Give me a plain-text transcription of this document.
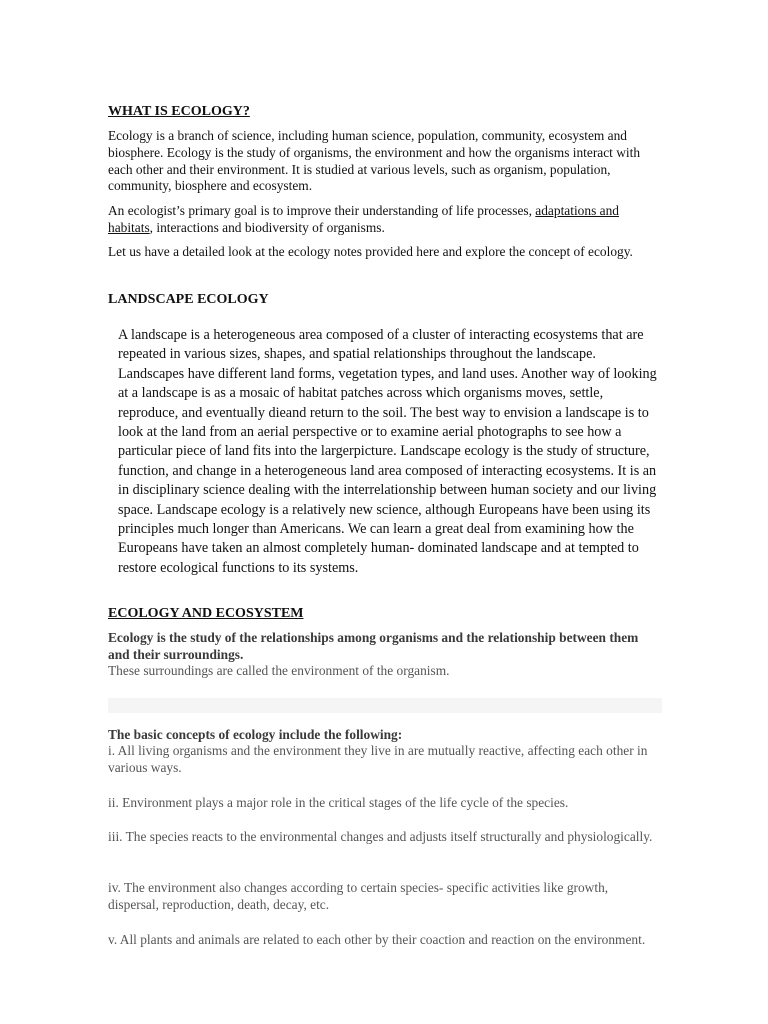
WHAT IS ECOLOGY?

Ecology is a branch of science, including human science, population, community, ecosystem and biosphere. Ecology is the study of organisms, the environment and how the organisms interact with each other and their environment. It is studied at various levels, such as organism, population, community, biosphere and ecosystem.

An ecologist’s primary goal is to improve their understanding of life processes, adaptations and habitats, interactions and biodiversity of organisms.

Let us have a detailed look at the ecology notes provided here and explore the concept of ecology.

LANDSCAPE ECOLOGY

A landscape is a heterogeneous area composed of a cluster of interacting ecosystems that are repeated in various sizes, shapes, and spatial relationships throughout the landscape. Landscapes have different land forms, vegetation types, and land uses. Another way of looking at a landscape is as a mosaic of habitat patches across which organisms moves, settle, reproduce, and eventually dieand return to the soil. The best way to envision a landscape is to look at the land from an aerial perspective or to examine aerial photographs to see how a particular piece of land fits into the largerpicture. Landscape ecology is the study of structure, function, and change in a heterogeneous land area composed of interacting ecosystems. It is an in disciplinary science dealing with the interrelationship between human society and our living space. Landscape ecology is a relatively new science, although Europeans have been using its principles much longer than Americans. We can learn a great deal from examining how the Europeans have taken an almost completely human- dominated landscape and at tempted to restore ecological functions to its systems.

ECOLOGY AND ECOSYSTEM

Ecology is the study of the relationships among organisms and the relationship between them and their surroundings.

These surroundings are called the environment of the organism.

The basic concepts of ecology include the following:

i. All living organisms and the environment they live in are mutually reactive, affecting each other in various ways.

ii. Environment plays a major role in the critical stages of the life cycle of the species.

iii. The species reacts to the environmental changes and adjusts itself structurally and physiologically.

iv. The environment also changes according to certain species- specific activities like growth, dispersal, reproduction, death, decay, etc.

v. All plants and animals are related to each other by their coaction and reaction on the environment.
